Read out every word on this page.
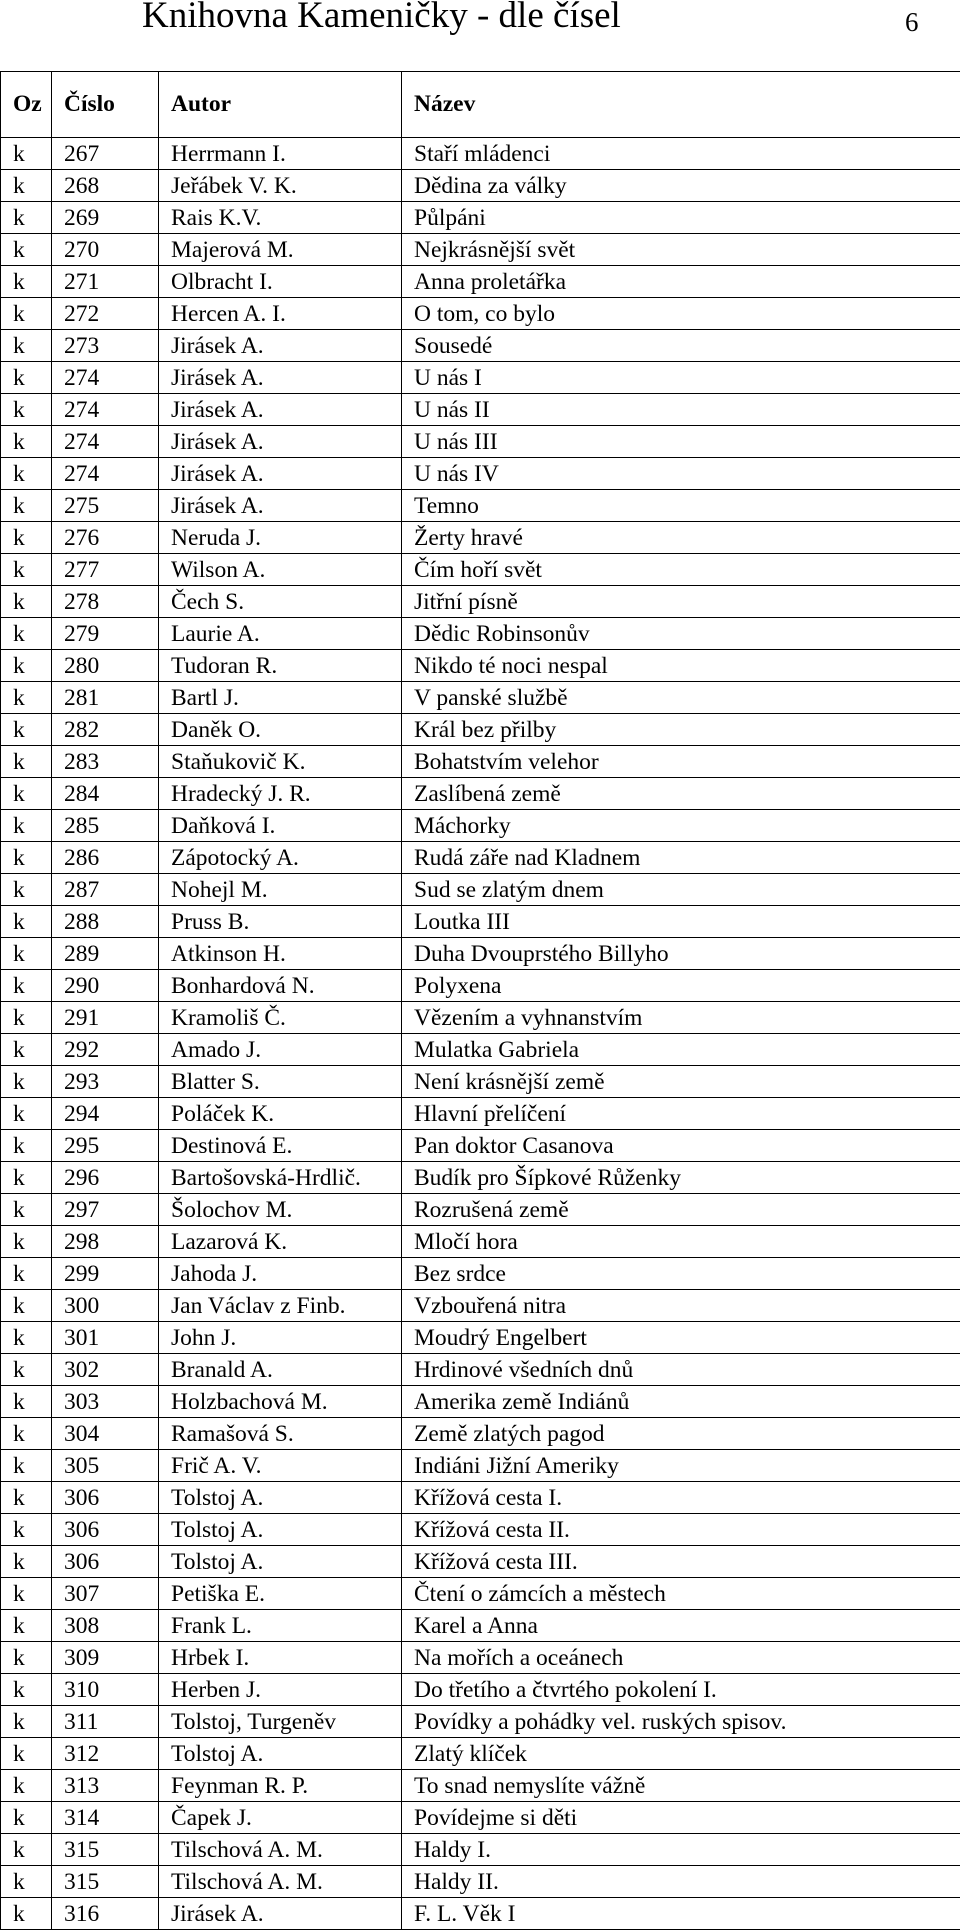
Knihovna Kameničky - dle čísel	6
Oz	Číslo	Autor	Název
k	267	Herrmann I.	Staří mládenci
k	268	Jeřábek V. K.	Dědina za války
k	269	Rais K.V.	Půlpáni
k	270	Majerová M.	Nejkrásnější svět
k	271	Olbracht I.	Anna proletářka
k	272	Hercen A. I.	O tom, co bylo
k	273	Jirásek A.	Sousedé
k	274	Jirásek A.	U nás I
k	274	Jirásek A.	U nás II
k	274	Jirásek A.	U nás III
k	274	Jirásek A.	U nás IV
k	275	Jirásek A.	Temno
k	276	Neruda J.	Žerty hravé
k	277	Wilson A.	Čím hoří svět
k	278	Čech S.	Jitřní písně
k	279	Laurie A.	Dědic Robinsonův
k	280	Tudoran R.	Nikdo té noci nespal
k	281	Bartl J.	V panské službě
k	282	Daněk O.	Král bez přilby
k	283	Staňukovič K.	Bohatstvím velehor
k	284	Hradecký J. R.	Zaslíbená země
k	285	Daňková I.	Máchorky
k	286	Zápotocký A.	Rudá záře nad Kladnem
k	287	Nohejl M.	Sud se zlatým dnem
k	288	Pruss B.	Loutka III
k	289	Atkinson H.	Duha Dvouprstého Billyho
k	290	Bonhardová N.	Polyxena
k	291	Kramoliš Č.	Vězením a vyhnanstvím
k	292	Amado J.	Mulatka Gabriela
k	293	Blatter S.	Není krásnější země
k	294	Poláček K.	Hlavní přelíčení
k	295	Destinová E.	Pan doktor Casanova
k	296	Bartošovská-Hrdlič.	Budík pro Šípkové Růženky
k	297	Šolochov M.	Rozrušená země
k	298	Lazarová K.	Mločí hora
k	299	Jahoda J.	Bez srdce
k	300	Jan Václav z Finb.	Vzbouřená nitra
k	301	John J.	Moudrý Engelbert
k	302	Branald A.	Hrdinové všedních dnů
k	303	Holzbachová M.	Amerika země Indiánů
k	304	Ramašová S.	Země zlatých pagod
k	305	Frič A. V.	Indiáni Jižní Ameriky
k	306	Tolstoj A.	Křížová cesta I.
k	306	Tolstoj A.	Křížová cesta II.
k	306	Tolstoj A.	Křížová cesta III.
k	307	Petiška E.	Čtení o zámcích a městech
k	308	Frank L.	Karel a Anna
k	309	Hrbek I.	Na mořích a oceánech
k	310	Herben J.	Do třetího a čtvrtého pokolení I.
k	311	Tolstoj, Turgeněv	Povídky a pohádky vel. ruských spisov.
k	312	Tolstoj A.	Zlatý klíček
k	313	Feynman R. P.	To snad nemyslíte vážně
k	314	Čapek J.	Povídejme si děti
k	315	Tilschová A. M.	Haldy I.
k	315	Tilschová A. M.	Haldy II.
k	316	Jirásek A.	F. L. Věk I
